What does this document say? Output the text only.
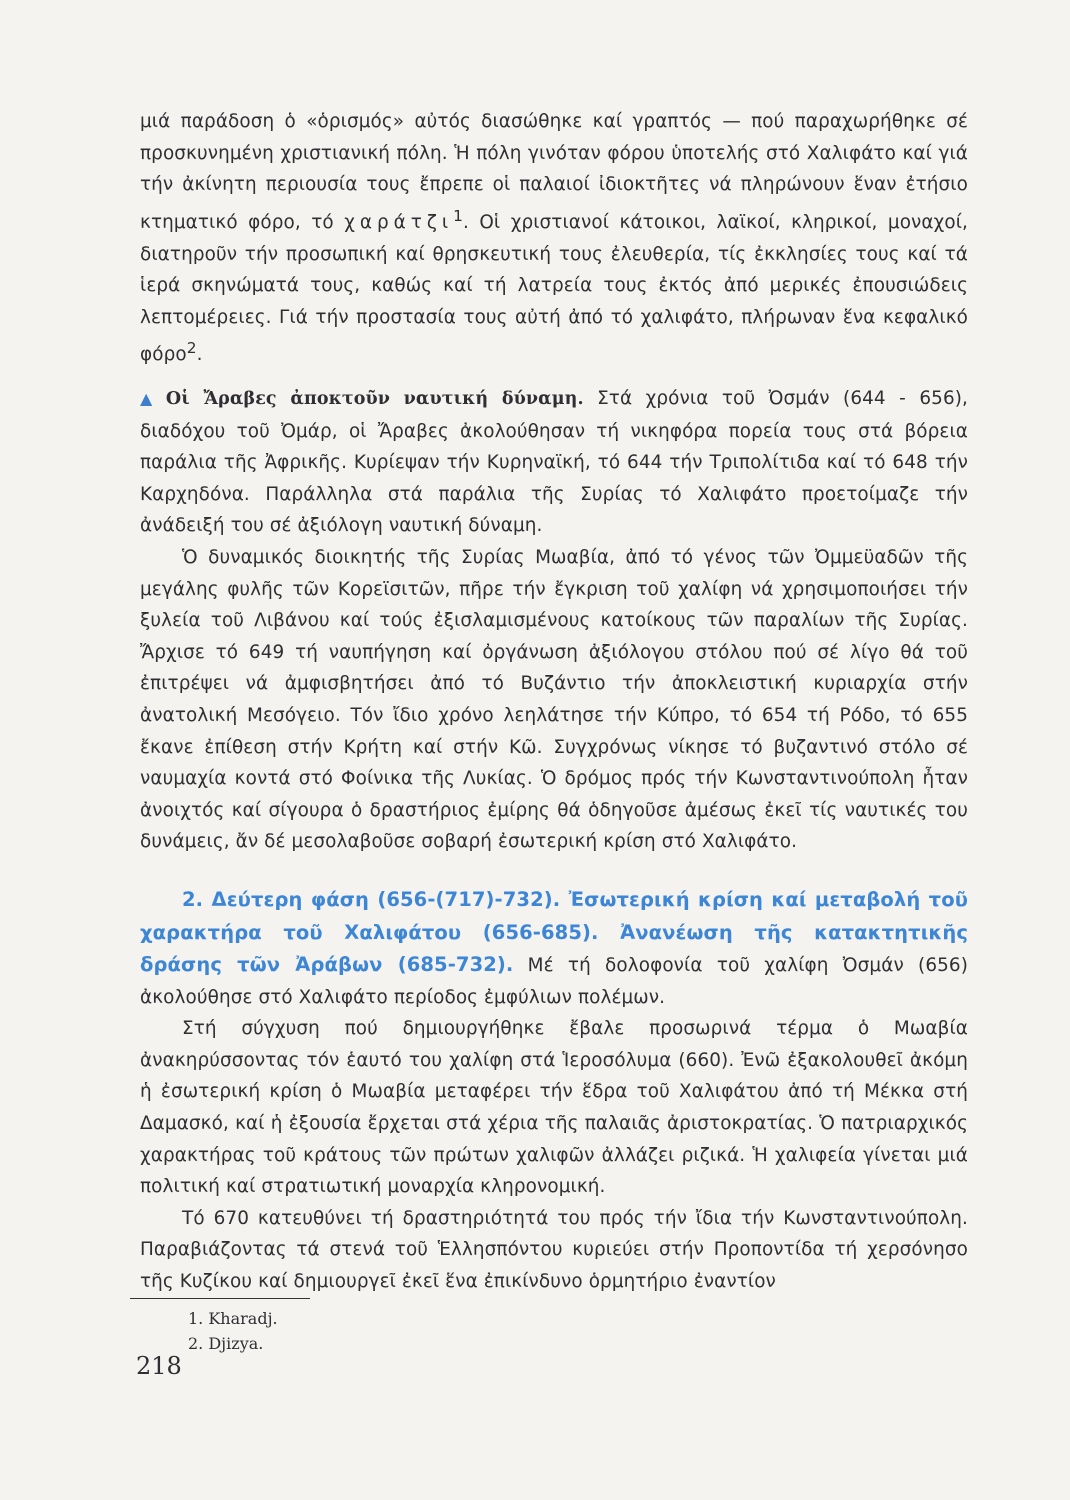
μιά παράδοση ὁ «ὁρισμός» αὐτός διασώθηκε καί γραπτός — πού παραχωρήθηκε σέ προσκυνημένη χριστιανική πόλη. Ἡ πόλη γινόταν φόρου ὑποτελής στό Χαλιφάτο καί γιά τήν ἀκίνητη περιουσία τους ἔπρεπε οἱ παλαιοί ἰδιοκτῆτες νά πληρώνουν ἕναν ἐτήσιο κτηματικό φόρο, τό χαράτζι$^1$. Οἱ χριστιανοί κάτοικοι, λαϊκοί, κληρικοί, μοναχοί, διατηροῦν τήν προσωπική καί θρησκευτική τους ἐλευθερία, τίς ἐκκλησίες τους καί τά ἱερά σκηνώματά τους, καθώς καί τή λατρεία τους ἐκτός ἀπό μερικές ἐπουσιώδεις λεπτομέρειες. Γιά τήν προστασία τους αὐτή ἀπό τό χαλιφάτο, πλήρωναν ἕνα κεφαλικό φόρο$^2$.

▲ Οἱ Ἄραβες ἀποκτοῦν ναυτική δύναμη. Στά χρόνια τοῦ Ὀσμάν (644 - 656), διαδόχου τοῦ Ὀμάρ, οἱ Ἄραβες ἀκολούθησαν τή νικηφόρα πορεία τους στά βόρεια παράλια τῆς Ἀφρικῆς. Κυρίεψαν τήν Κυρηναϊκή, τό 644 τήν Τριπολίτιδα καί τό 648 τήν Καρχηδόνα. Παράλληλα στά παράλια τῆς Συρίας τό Χαλιφάτο προετοίμαζε τήν ἀνάδειξή του σέ ἀξιόλογη ναυτική δύναμη.

Ὁ δυναμικός διοικητής τῆς Συρίας Μωαβία, ἀπό τό γένος τῶν Ὀμμεϋαδῶν τῆς μεγάλης φυλῆς τῶν Κορεϊσιτῶν, πῆρε τήν ἔγκριση τοῦ χαλίφη νά χρησιμοποιήσει τήν ξυλεία τοῦ Λιβάνου καί τούς ἐξισλαμισμένους κατοίκους τῶν παραλίων τῆς Συρίας. Ἄρχισε τό 649 τή ναυπήγηση καί ὀργάνωση ἀξιόλογου στόλου πού σέ λίγο θά τοῦ ἐπιτρέψει νά ἀμφισβητήσει ἀπό τό Βυζάντιο τήν ἀποκλειστική κυριαρχία στήν ἀνατολική Μεσόγειο. Τόν ἴδιο χρόνο λεηλάτησε τήν Κύπρο, τό 654 τή Ρόδο, τό 655 ἔκανε ἐπίθεση στήν Κρήτη καί στήν Κῶ. Συγχρόνως νίκησε τό βυζαντινό στόλο σέ ναυμαχία κοντά στό Φοίνικα τῆς Λυκίας. Ὁ δρόμος πρός τήν Κωνσταντινούπολη ἦταν ἀνοιχτός καί σίγουρα ὁ δραστήριος ἐμίρης θά ὁδηγοῦσε ἀμέσως ἐκεῖ τίς ναυτικές του δυνάμεις, ἄν δέ μεσολαβοῦσε σοβαρή ἐσωτερική κρίση στό Χαλιφάτο.

2. Δεύτερη φάση (656-(717)-732). Ἐσωτερική κρίση καί μεταβολή τοῦ χαρακτήρα τοῦ Χαλιφάτου (656-685). Ἀνανέωση τῆς κατακτητικῆς δράσης τῶν Ἀράβων (685-732). Μέ τή δολοφονία τοῦ χαλίφη Ὀσμάν (656) ἀκολούθησε στό Χαλιφάτο περίοδος ἐμφύλιων πολέμων.

Στή σύγχυση πού δημιουργήθηκε ἔβαλε προσωρινά τέρμα ὁ Μωαβία ἀνακηρύσσοντας τόν ἑαυτό του χαλίφη στά Ἱεροσόλυμα (660). Ἐνῶ ἐξακολουθεῖ ἀκόμη ἡ ἐσωτερική κρίση ὁ Μωαβία μεταφέρει τήν ἕδρα τοῦ Χαλιφάτου ἀπό τή Μέκκα στή Δαμασκό, καί ἡ ἐξουσία ἔρχεται στά χέρια τῆς παλαιᾶς ἀριστοκρατίας. Ὁ πατριαρχικός χαρακτήρας τοῦ κράτους τῶν πρώτων χαλιφῶν ἀλλάζει ριζικά. Ἡ χαλιφεία γίνεται μιά πολιτική καί στρατιωτική μοναρχία κληρονομική.

Τό 670 κατευθύνει τή δραστηριότητά του πρός τήν ἴδια τήν Κωνσταντινούπολη. Παραβιάζοντας τά στενά τοῦ Ἑλλησπόντου κυριεύει στήν Προποντίδα τή χερσόνησο τῆς Κυζίκου καί δημιουργεῖ ἐκεῖ ἕνα ἐπικίνδυνο ὁρμητήριο ἐναντίον

1. Kharadj.
2. Djizya.
218
